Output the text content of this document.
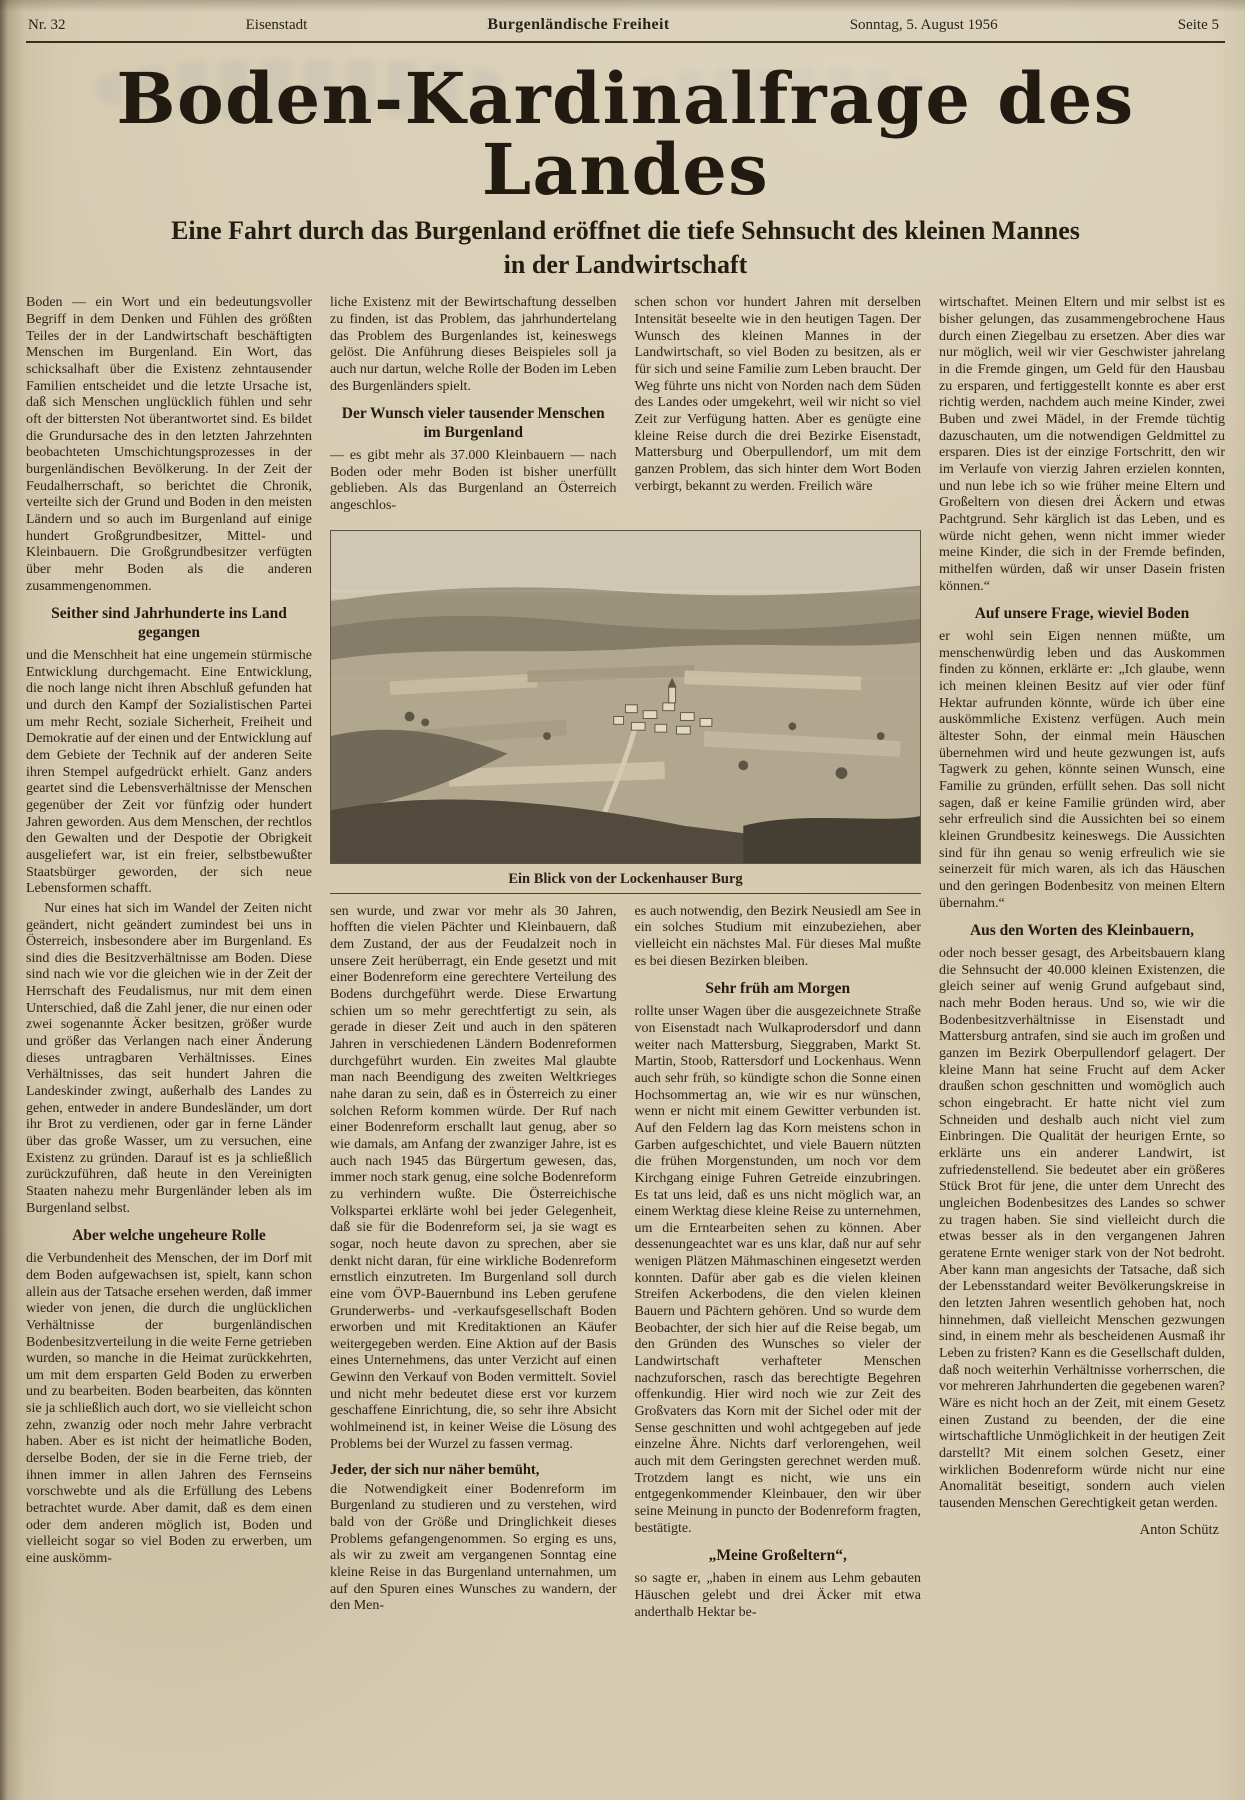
Nr. 32	Eisenstadt	Burgenländische Freiheit	Sonntag, 5. August 1956	Seite 5
Boden-Kardinalfrage des Landes
Eine Fahrt durch das Burgenland eröffnet die tiefe Sehnsucht des kleinen Mannes
in der Landwirtschaft

Boden — ein Wort und ein bedeutungsvoller Begriff in dem Denken und Fühlen des größten Teiles der in der Landwirtschaft beschäftigten Menschen im Burgenland. Ein Wort, das schicksalhaft über die Existenz zehntausender Familien entscheidet und die letzte Ursache ist, daß sich Menschen unglücklich fühlen und sehr oft der bittersten Not überantwortet sind. Es bildet die Grundursache des in den letzten Jahrzehnten beobachteten Umschichtungsprozesses in der burgenländischen Bevölkerung. In der Zeit der Feudalherrschaft, so berichtet die Chronik, verteilte sich der Grund und Boden in den meisten Ländern und so auch im Burgenland auf einige hundert Großgrundbesitzer, Mittel- und Kleinbauern. Die Großgrundbesitzer verfügten über mehr Boden als die anderen zusammengenommen.

Seither sind Jahrhunderte ins Land gegangen

und die Menschheit hat eine ungemein stürmische Entwicklung durchgemacht. Eine Entwicklung, die noch lange nicht ihren Abschluß gefunden hat und durch den Kampf der Sozialistischen Partei um mehr Recht, soziale Sicherheit, Freiheit und Demokratie auf der einen und der Entwicklung auf dem Gebiete der Technik auf der anderen Seite ihren Stempel aufgedrückt erhielt. Ganz anders geartet sind die Lebensverhältnisse der Menschen gegenüber der Zeit vor fünfzig oder hundert Jahren geworden. Aus dem Menschen, der rechtlos den Gewalten und der Despotie der Obrigkeit ausgeliefert war, ist ein freier, selbstbewußter Staatsbürger geworden, der sich neue Lebensformen schafft.

Nur eines hat sich im Wandel der Zeiten nicht geändert, nicht geändert zumindest bei uns in Österreich, insbesondere aber im Burgenland. Es sind dies die Besitzverhältnisse am Boden. Diese sind nach wie vor die gleichen wie in der Zeit der Herrschaft des Feudalismus, nur mit dem einen Unterschied, daß die Zahl jener, die nur einen oder zwei sogenannte Äcker besitzen, größer wurde und größer das Verlangen nach einer Änderung dieses untragbaren Verhältnisses. Eines Verhältnisses, das seit hundert Jahren die Landeskinder zwingt, außerhalb des Landes zu gehen, entweder in andere Bundesländer, um dort ihr Brot zu verdienen, oder gar in ferne Länder über das große Wasser, um zu versuchen, eine Existenz zu gründen. Darauf ist es ja schließlich zurückzuführen, daß heute in den Vereinigten Staaten nahezu mehr Burgenländer leben als im Burgenland selbst.

Aber welche ungeheure Rolle

die Verbundenheit des Menschen, der im Dorf mit dem Boden aufgewachsen ist, spielt, kann schon allein aus der Tatsache ersehen werden, daß immer wieder von jenen, die durch die unglücklichen Verhältnisse der burgenländischen Bodenbesitzverteilung in die weite Ferne getrieben wurden, so manche in die Heimat zurückkehrten, um mit dem ersparten Geld Boden zu erwerben und zu bearbeiten. Boden bearbeiten, das könnten sie ja schließlich auch dort, wo sie vielleicht schon zehn, zwanzig oder noch mehr Jahre verbracht haben. Aber es ist nicht der heimatliche Boden, derselbe Boden, der sie in die Ferne trieb, der ihnen immer in allen Jahren des Fernseins vorschwebte und als die Erfüllung des Lebens betrachtet wurde. Aber damit, daß es dem einen oder dem anderen möglich ist, Boden und vielleicht sogar so viel Boden zu erwerben, um eine auskömm-

liche Existenz mit der Bewirtschaftung desselben zu finden, ist das Problem, das jahrhundertelang das Problem des Burgenlandes ist, keineswegs gelöst. Die Anführung dieses Beispieles soll ja auch nur dartun, welche Rolle der Boden im Leben des Burgenländers spielt.

Der Wunsch vieler tausender Menschen im Burgenland

— es gibt mehr als 37.000 Kleinbauern — nach Boden oder mehr Boden ist bisher unerfüllt geblieben. Als das Burgenland an Österreich angeschlos-

schen schon vor hundert Jahren mit derselben Intensität beseelte wie in den heutigen Tagen. Der Wunsch des kleinen Mannes in der Landwirtschaft, so viel Boden zu besitzen, als er für sich und seine Familie zum Leben braucht. Der Weg führte uns nicht von Norden nach dem Süden des Landes oder umgekehrt, weil wir nicht so viel Zeit zur Verfügung hatten. Aber es genügte eine kleine Reise durch die drei Bezirke Eisenstadt, Mattersburg und Oberpullendorf, um mit dem ganzen Problem, das sich hinter dem Wort Boden verbirgt, bekannt zu werden. Freilich wäre

Ein Blick von der Lockenhauser Burg

sen wurde, und zwar vor mehr als 30 Jahren, hofften die vielen Pächter und Kleinbauern, daß dem Zustand, der aus der Feudalzeit noch in unsere Zeit herüberragt, ein Ende gesetzt und mit einer Bodenreform eine gerechtere Verteilung des Bodens durchgeführt werde. Diese Erwartung schien um so mehr gerechtfertigt zu sein, als gerade in dieser Zeit und auch in den späteren Jahren in verschiedenen Ländern Bodenreformen durchgeführt wurden. Ein zweites Mal glaubte man nach Beendigung des zweiten Weltkrieges nahe daran zu sein, daß es in Österreich zu einer solchen Reform kommen würde. Der Ruf nach einer Bodenreform erschallt laut genug, aber so wie damals, am Anfang der zwanziger Jahre, ist es auch nach 1945 das Bürgertum gewesen, das, immer noch stark genug, eine solche Bodenreform zu verhindern wußte. Die Österreichische Volkspartei erklärte wohl bei jeder Gelegenheit, daß sie für die Bodenreform sei, ja sie wagt es sogar, noch heute davon zu sprechen, aber sie denkt nicht daran, für eine wirkliche Bodenreform ernstlich einzutreten. Im Burgenland soll durch eine vom ÖVP-Bauernbund ins Leben gerufene Grunderwerbs- und -verkaufsgesellschaft Boden erworben und mit Kreditaktionen an Käufer weitergegeben werden. Eine Aktion auf der Basis eines Unternehmens, das unter Verzicht auf einen Gewinn den Verkauf von Boden vermittelt. Soviel und nicht mehr bedeutet diese erst vor kurzem geschaffene Einrichtung, die, so sehr ihre Absicht wohlmeinend ist, in keiner Weise die Lösung des Problems bei der Wurzel zu fassen vermag.

Jeder, der sich nur näher bemüht,

die Notwendigkeit einer Bodenreform im Burgenland zu studieren und zu verstehen, wird bald von der Größe und Dringlichkeit dieses Problems gefangengenommen. So erging es uns, als wir zu zweit am vergangenen Sonntag eine kleine Reise in das Burgenland unternahmen, um auf den Spuren eines Wunsches zu wandern, der den Men-

es auch notwendig, den Bezirk Neusiedl am See in ein solches Studium mit einzubeziehen, aber vielleicht ein nächstes Mal. Für dieses Mal mußte es bei diesen Bezirken bleiben.

Sehr früh am Morgen

rollte unser Wagen über die ausgezeichnete Straße von Eisenstadt nach Wulkaprodersdorf und dann weiter nach Mattersburg, Sieggraben, Markt St. Martin, Stoob, Rattersdorf und Lockenhaus. Wenn auch sehr früh, so kündigte schon die Sonne einen Hochsommertag an, wie wir es nur wünschen, wenn er nicht mit einem Gewitter verbunden ist. Auf den Feldern lag das Korn meistens schon in Garben aufgeschichtet, und viele Bauern nützten die frühen Morgenstunden, um noch vor dem Kirchgang einige Fuhren Getreide einzubringen. Es tat uns leid, daß es uns nicht möglich war, an einem Werktag diese kleine Reise zu unternehmen, um die Erntearbeiten sehen zu können. Aber dessenungeachtet war es uns klar, daß nur auf sehr wenigen Plätzen Mähmaschinen eingesetzt werden konnten. Dafür aber gab es die vielen kleinen Streifen Ackerbodens, die den vielen kleinen Bauern und Pächtern gehören. Und so wurde dem Beobachter, der sich hier auf die Reise begab, um den Gründen des Wunsches so vieler der Landwirtschaft verhafteter Menschen nachzuforschen, rasch das berechtigte Begehren offenkundig. Hier wird noch wie zur Zeit des Großvaters das Korn mit der Sichel oder mit der Sense geschnitten und wohl achtgegeben auf jede einzelne Ähre. Nichts darf verlorengehen, weil auch mit dem Geringsten gerechnet werden muß. Trotzdem langt es nicht, wie uns ein entgegenkommender Kleinbauer, den wir über seine Meinung in puncto der Bodenreform fragten, bestätigte.

„Meine Großeltern“,

so sagte er, „haben in einem aus Lehm gebauten Häuschen gelebt und drei Äcker mit etwa anderthalb Hektar be-

wirtschaftet. Meinen Eltern und mir selbst ist es bisher gelungen, das zusammengebrochene Haus durch einen Ziegelbau zu ersetzen. Aber dies war nur möglich, weil wir vier Geschwister jahrelang in die Fremde gingen, um Geld für den Hausbau zu ersparen, und fertiggestellt konnte es aber erst richtig werden, nachdem auch meine Kinder, zwei Buben und zwei Mädel, in der Fremde tüchtig dazuschauten, um die notwendigen Geldmittel zu ersparen. Dies ist der einzige Fortschritt, den wir im Verlaufe von vierzig Jahren erzielen konnten, und nun lebe ich so wie früher meine Eltern und Großeltern von diesen drei Äckern und etwas Pachtgrund. Sehr kärglich ist das Leben, und es würde nicht gehen, wenn nicht immer wieder meine Kinder, die sich in der Fremde befinden, mithelfen würden, daß wir unser Dasein fristen können.“

Auf unsere Frage, wieviel Boden

er wohl sein Eigen nennen müßte, um menschenwürdig leben und das Auskommen finden zu können, erklärte er: „Ich glaube, wenn ich meinen kleinen Besitz auf vier oder fünf Hektar aufrunden könnte, würde ich über eine auskömmliche Existenz verfügen. Auch mein ältester Sohn, der einmal mein Häuschen übernehmen wird und heute gezwungen ist, aufs Tagwerk zu gehen, könnte seinen Wunsch, eine Familie zu gründen, erfüllt sehen. Das soll nicht sagen, daß er keine Familie gründen wird, aber sehr erfreulich sind die Aussichten bei so einem kleinen Grundbesitz keineswegs. Die Aussichten sind für ihn genau so wenig erfreulich wie sie seinerzeit für mich waren, als ich das Häuschen und den geringen Bodenbesitz von meinen Eltern übernahm.“

Aus den Worten des Kleinbauern,

oder noch besser gesagt, des Arbeitsbauern klang die Sehnsucht der 40.000 kleinen Existenzen, die gleich seiner auf wenig Grund aufgebaut sind, nach mehr Boden heraus. Und so, wie wir die Bodenbesitzverhältnisse in Eisenstadt und Mattersburg antrafen, sind sie auch im großen und ganzen im Bezirk Oberpullendorf gelagert. Der kleine Mann hat seine Frucht auf dem Acker draußen schon geschnitten und womöglich auch schon eingebracht. Er hatte nicht viel zum Schneiden und deshalb auch nicht viel zum Einbringen. Die Qualität der heurigen Ernte, so erklärte uns ein anderer Landwirt, ist zufriedenstellend. Sie bedeutet aber ein größeres Stück Brot für jene, die unter dem Unrecht des ungleichen Bodenbesitzes des Landes so schwer zu tragen haben. Sie sind vielleicht durch die etwas besser als in den vergangenen Jahren geratene Ernte weniger stark von der Not bedroht. Aber kann man angesichts der Tatsache, daß sich der Lebensstandard weiter Bevölkerungskreise in den letzten Jahren wesentlich gehoben hat, noch hinnehmen, daß vielleicht Menschen gezwungen sind, in einem mehr als bescheidenen Ausmaß ihr Leben zu fristen? Kann es die Gesellschaft dulden, daß noch weiterhin Verhältnisse vorherrschen, die vor mehreren Jahrhunderten die gegebenen waren? Wäre es nicht hoch an der Zeit, mit einem Gesetz einen Zustand zu beenden, der die eine wirtschaftliche Unmöglichkeit in der heutigen Zeit darstellt? Mit einem solchen Gesetz, einer wirklichen Bodenreform würde nicht nur eine Anomalität beseitigt, sondern auch vielen tausenden Menschen Gerechtigkeit getan werden.

Anton Schütz
